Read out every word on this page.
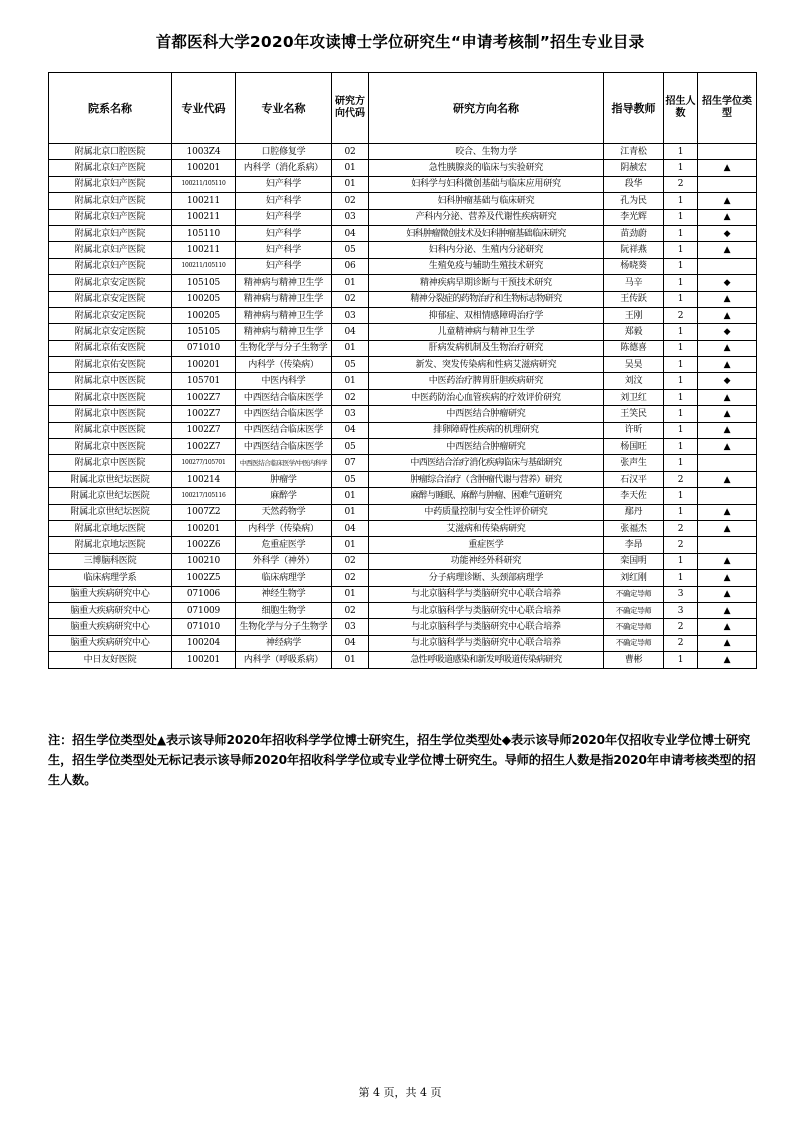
首都医科大学2020年攻读博士学位研究生“申请考核制”招生专业目录
院系名称	专业代码	专业名称	研究方向代码	研究方向名称	指导教师	招生人数	招生学位类型
附属北京口腔医院	1003Z4	口腔修复学	02	咬合、生物力学	江青松	1	
附属北京妇产医院	100201	内科学（消化系病）	01	急性胰腺炎的临床与实验研究	阴赪宏	1	▲
附属北京妇产医院	100211/105110	妇产科学	01	妇科学与妇科微创基础与临床应用研究	段华	2	
附属北京妇产医院	100211	妇产科学	02	妇科肿瘤基础与临床研究	孔为民	1	▲
附属北京妇产医院	100211	妇产科学	03	产科内分泌、营养及代谢性疾病研究	李光辉	1	▲
附属北京妇产医院	105110	妇产科学	04	妇科肿瘤微创技术及妇科肿瘤基础临床研究	苗劲蔚	1	◆
附属北京妇产医院	100211	妇产科学	05	妇科内分泌、生殖内分泌研究	阮祥燕	1	▲
附属北京妇产医院	100211/105110	妇产科学	06	生殖免疫与辅助生殖技术研究	杨晓葵	1	
附属北京安定医院	105105	精神病与精神卫生学	01	精神疾病早期诊断与干预技术研究	马辛	1	◆
附属北京安定医院	100205	精神病与精神卫生学	02	精神分裂症的药物治疗和生物标志物研究	王传跃	1	▲
附属北京安定医院	100205	精神病与精神卫生学	03	抑郁症、双相情感障碍治疗学	王刚	2	▲
附属北京安定医院	105105	精神病与精神卫生学	04	儿童精神病与精神卫生学	郑毅	1	◆
附属北京佑安医院	071010	生物化学与分子生物学	01	肝病发病机制及生物治疗研究	陈德喜	1	▲
附属北京佑安医院	100201	内科学（传染病）	05	新发、突发传染病和性病艾滋病研究	吴昊	1	▲
附属北京中医医院	105701	中医内科学	01	中医药治疗脾胃肝胆疾病研究	刘汶	1	◆
附属北京中医医院	1002Z7	中西医结合临床医学	02	中医药防治心血管疾病的疗效评价研究	刘卫红	1	▲
附属北京中医医院	1002Z7	中西医结合临床医学	03	中西医结合肿瘤研究	王笑民	1	▲
附属北京中医医院	1002Z7	中西医结合临床医学	04	排卵障碍性疾病的机理研究	许昕	1	▲
附属北京中医医院	1002Z7	中西医结合临床医学	05	中西医结合肿瘤研究	杨国旺	1	▲
附属北京中医医院	100277/105701	中西医结合临床医学/中医内科学	07	中西医结合治疗消化疾病临床与基础研究	张声生	1	
附属北京世纪坛医院	100214	肿瘤学	05	肿瘤综合治疗（含肿瘤代谢与营养）研究	石汉平	2	▲
附属北京世纪坛医院	100217/105116	麻醉学	01	麻醉与睡眠、麻醉与肿瘤、困难气道研究	李天佐	1	
附属北京世纪坛医院	1007Z2	天然药物学	01	中药质量控制与安全性评价研究	鄢丹	1	▲
附属北京地坛医院	100201	内科学（传染病）	04	艾滋病和传染病研究	张福杰	2	▲
附属北京地坛医院	1002Z6	危重症医学	01	重症医学	李昂	2	
三博脑科医院	100210	外科学（神外）	02	功能神经外科研究	栾国明	1	▲
临床病理学系	1002Z5	临床病理学	02	分子病理诊断、头颈部病理学	刘红刚	1	▲
脑重大疾病研究中心	071006	神经生物学	01	与北京脑科学与类脑研究中心联合培养	不确定导师	3	▲
脑重大疾病研究中心	071009	细胞生物学	02	与北京脑科学与类脑研究中心联合培养	不确定导师	3	▲
脑重大疾病研究中心	071010	生物化学与分子生物学	03	与北京脑科学与类脑研究中心联合培养	不确定导师	2	▲
脑重大疾病研究中心	100204	神经病学	04	与北京脑科学与类脑研究中心联合培养	不确定导师	2	▲
中日友好医院	100201	内科学（呼吸系病）	01	急性呼吸道感染和新发呼吸道传染病研究	曹彬	1	▲
注：招生学位类型处▲表示该导师2020年招收科学学位博士研究生，招生学位类型处◆表示该导师2020年仅招收专业学位博士研究生，招生学位类型处无标记表示该导师2020年招收科学学位或专业学位博士研究生。导师的招生人数是指2020年申请考核类型的招生人数。
第 4 页，共 4 页
